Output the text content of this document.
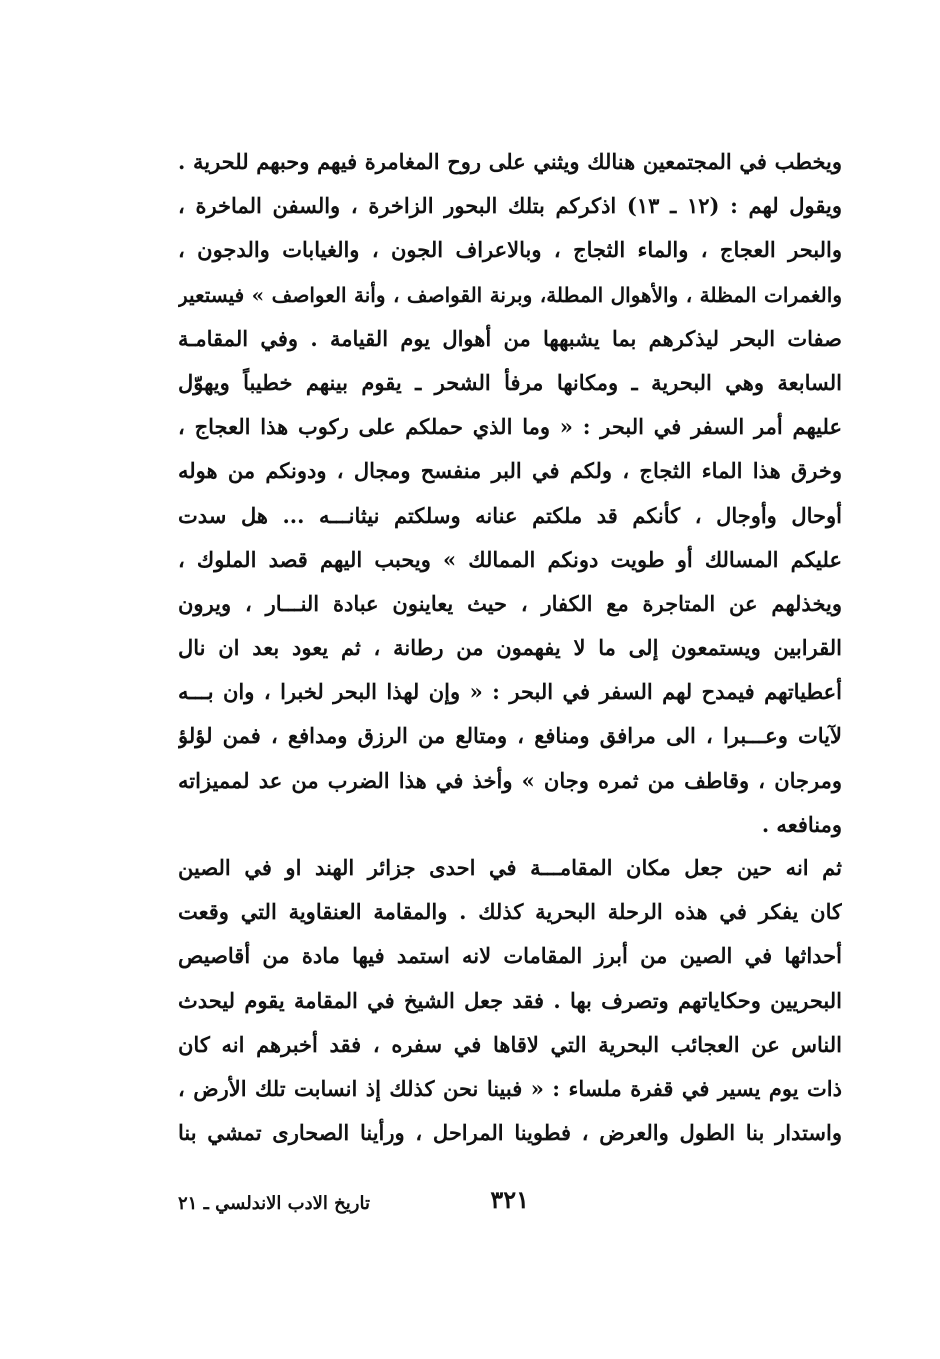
ويخطب في المجتمعين هنالك ويثني على روح المغامرة فيهم وحبهم للحرية .
ويقول لهم : (١٢ ـ ١٣) اذكركم بتلك البحور الزاخرة ، والسفن الماخرة ،
والبحر العجاج ، والماء الثجاج ، وبالاعراف الجون ، والغيابات والدجون ،
والغمرات المظلة ، والأهوال المطلة، وبرنة القواصف ، وأنة العواصف » فيستعير
صفات البحر ليذكرهم بما يشبهها من أهوال يوم القيامة . وفي المقامـة
السابعة وهي البحرية ـ ومكانها مرفأ الشحر ـ يقوم بينهم خطيباً ويهوّل
عليهم أمر السفر في البحر : « وما الذي حملكم على ركوب هذا العجاج ،
وخرق هذا الماء الثجاج ، ولكم في البر منفسح ومجال ، ودونكم من هوله
أوحال وأوجال ، كأنكم قد ملكتم عنانه وسلكتم نيثانـــه ... هل سدت
عليكم المسالك أو طويت دونكم الممالك » ويحبب اليهم قصد الملوك ،
ويخذلهم عن المتاجرة مع الكفار ، حيث يعاينون عبادة النـــار ، ويرون
القرابين ويستمعون إلى ما لا يفهمون من رطانة ، ثم يعود بعد ان نال
أعطياتهم فيمدح لهم السفر في البحر : « وإن لهذا البحر لخبرا ، وان بـــه
لآيات وعـــبرا ، الى مرافق ومنافع ، ومتالع من الرزق ومدافع ، فمن لؤلؤ
ومرجان ، وقاطف من ثمره وجان » وأخذ في هذا الضرب من عد لممیزاته
ومنافعه .
ثم انه حين جعل مكان المقامـــة في احدى جزائر الهند او في الصين
كان يفكر في هذه الرحلة البحرية كذلك . والمقامة العنقاوية التي وقعت
أحداثها في الصين من أبرز المقامات لانه استمد فيها مادة من أقاصيص
البحريين وحكاياتهم وتصرف بها . فقد جعل الشيخ في المقامة يقوم ليحدث
الناس عن العجائب البحرية التي لاقاها في سفره ، فقد أخبرهم انه كان
ذات يوم يسير في قفرة ملساء : « فبينا نحن كذلك إذ انسابت تلك الأرض ،
واستدار بنا الطول والعرض ، فطوينا المراحل ، ورأينا الصحارى تمشي بنا
٣٢١
تاريخ الادب الاندلسي ـ ٢١
